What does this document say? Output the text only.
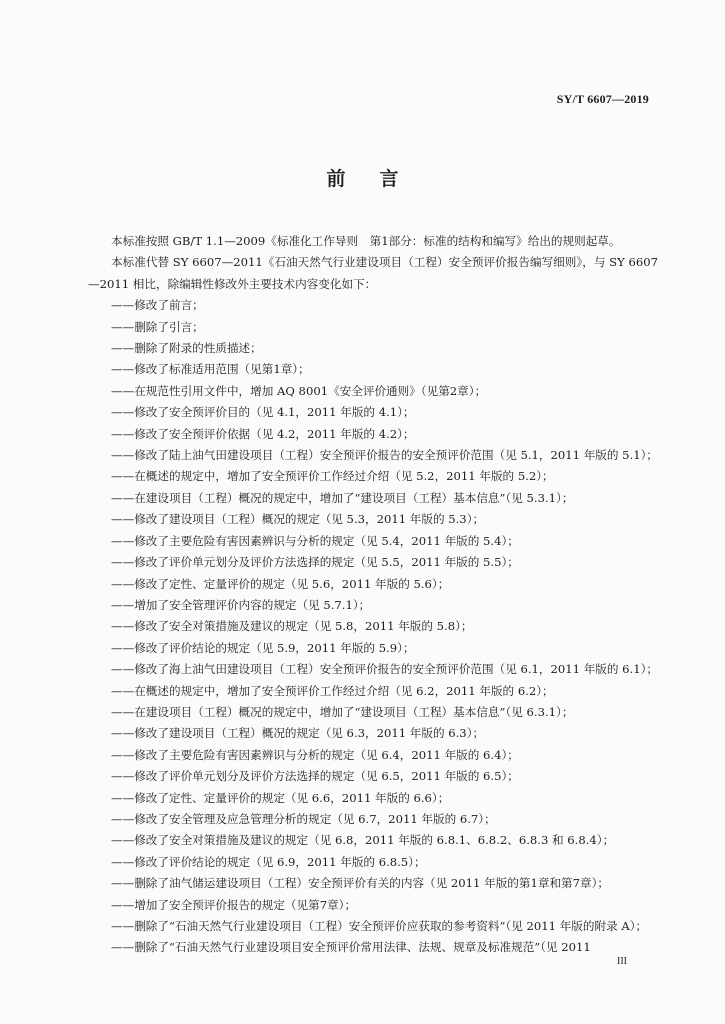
SY/T 6607—2019
前言

本标准按照 GB/T 1.1—2009《标准化工作导则　第1部分：标准的结构和编写》给出的规则起草。

本标准代替 SY 6607—2011《石油天然气行业建设项目（工程）安全预评价报告编写细则》，与 SY 6607—2011 相比，除编辑性修改外主要技术内容变化如下：

——修改了前言；

——删除了引言；

——删除了附录的性质描述；

——修改了标准适用范围（见第1章）；

——在规范性引用文件中，增加 AQ 8001《安全评价通则》（见第2章）；

——修改了安全预评价目的（见 4.1，2011 年版的 4.1）；

——修改了安全预评价依据（见 4.2，2011 年版的 4.2）；

——修改了陆上油气田建设项目（工程）安全预评价报告的安全预评价范围（见 5.1，2011 年版的 5.1）；

——在概述的规定中，增加了安全预评价工作经过介绍（见 5.2，2011 年版的 5.2）；

——在建设项目（工程）概况的规定中，增加了“建设项目（工程）基本信息”（见 5.3.1）；

——修改了建设项目（工程）概况的规定（见 5.3，2011 年版的 5.3）；

——修改了主要危险有害因素辨识与分析的规定（见 5.4，2011 年版的 5.4）；

——修改了评价单元划分及评价方法选择的规定（见 5.5，2011 年版的 5.5）；

——修改了定性、定量评价的规定（见 5.6，2011 年版的 5.6）；

——增加了安全管理评价内容的规定（见 5.7.1）；

——修改了安全对策措施及建议的规定（见 5.8，2011 年版的 5.8）；

——修改了评价结论的规定（见 5.9，2011 年版的 5.9）；

——修改了海上油气田建设项目（工程）安全预评价报告的安全预评价范围（见 6.1，2011 年版的 6.1）；

——在概述的规定中，增加了安全预评价工作经过介绍（见 6.2，2011 年版的 6.2）；

——在建设项目（工程）概况的规定中，增加了“建设项目（工程）基本信息”（见 6.3.1）；

——修改了建设项目（工程）概况的规定（见 6.3，2011 年版的 6.3）；

——修改了主要危险有害因素辨识与分析的规定（见 6.4，2011 年版的 6.4）；

——修改了评价单元划分及评价方法选择的规定（见 6.5，2011 年版的 6.5）；

——修改了定性、定量评价的规定（见 6.6，2011 年版的 6.6）；

——修改了安全管理及应急管理分析的规定（见 6.7，2011 年版的 6.7）；

——修改了安全对策措施及建议的规定（见 6.8，2011 年版的 6.8.1、6.8.2、6.8.3 和 6.8.4）；

——修改了评价结论的规定（见 6.9，2011 年版的 6.8.5）；

——删除了油气储运建设项目（工程）安全预评价有关的内容（见 2011 年版的第1章和第7章）；

——增加了安全预评价报告的规定（见第7章）；

——删除了“石油天然气行业建设项目（工程）安全预评价应获取的参考资料”（见 2011 年版的附录 A）；

——删除了“石油天然气行业建设项目安全预评价常用法律、法规、规章及标准规范”（见 2011

III
